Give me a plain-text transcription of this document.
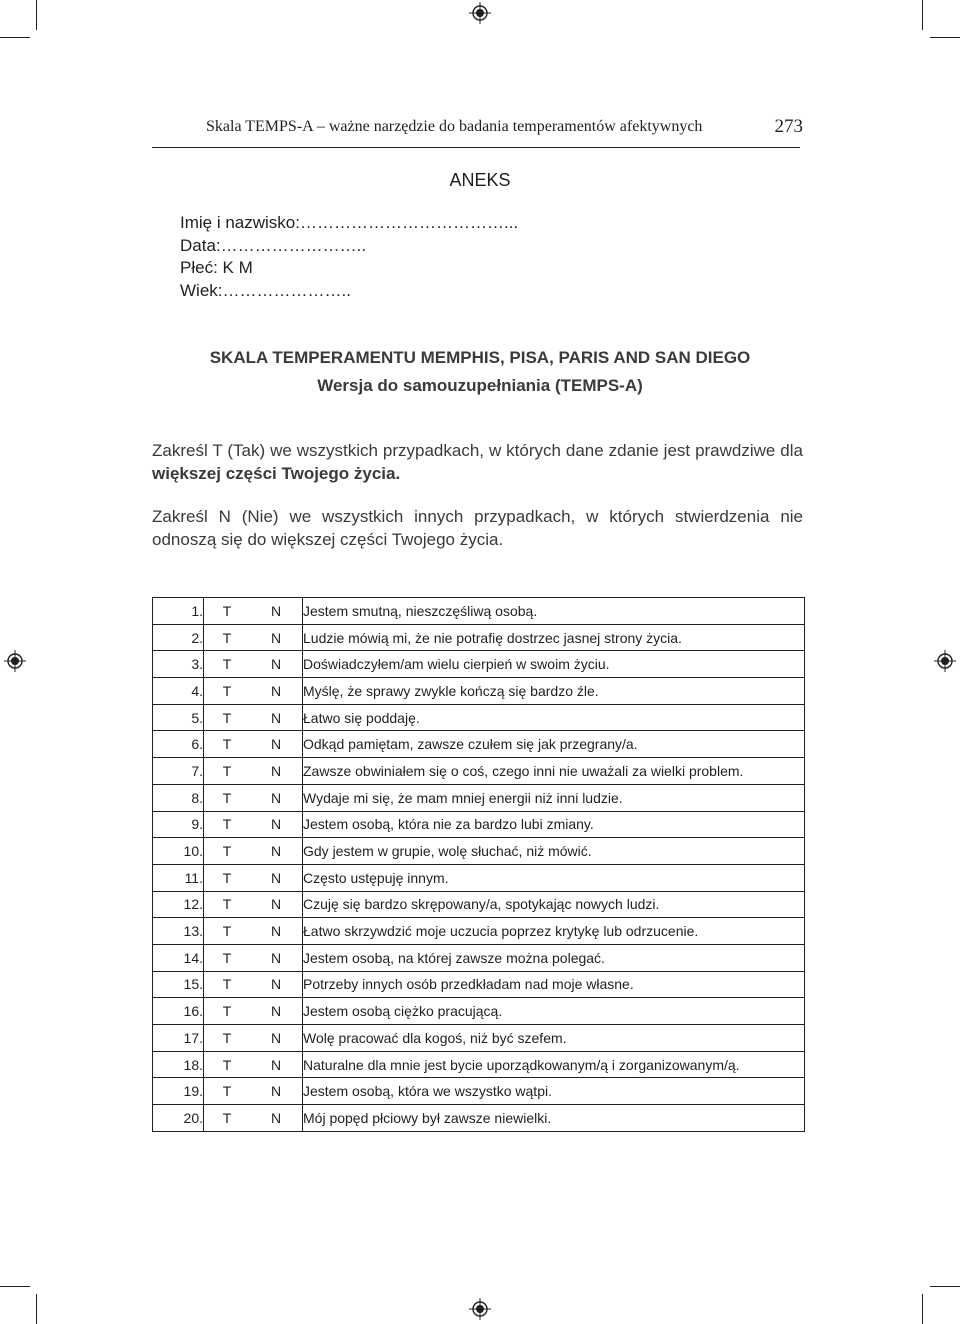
Skala TEMPS-A – ważne narzędzie do badania temperamentów afektywnych	273
ANEKS
Imię i nazwisko:………………………………...
Data:……………………..
Płeć: K M
Wiek:…………………..
SKALA TEMPERAMENTU MEMPHIS, PISA, PARIS AND SAN DIEGO
Wersja do samouzupełniania (TEMPS-A)
Zakreśl T (Tak) we wszystkich przypadkach, w których dane zdanie jest prawdziwe dla większej części Twojego życia.
Zakreśl N (Nie) we wszystkich innych przypadkach, w których stwierdzenia nie odnoszą się do większej części Twojego życia.
1.	T	N	Jestem smutną, nieszczęśliwą osobą.
2.	T	N	Ludzie mówią mi, że nie potrafię dostrzec jasnej strony życia.
3.	T	N	Doświadczyłem/am wielu cierpień w swoim życiu.
4.	T	N	Myślę, że sprawy zwykle kończą się bardzo źle.
5.	T	N	Łatwo się poddaję.
6.	T	N	Odkąd pamiętam, zawsze czułem się jak przegrany/a.
7.	T	N	Zawsze obwiniałem się o coś, czego inni nie uważali za wielki problem.
8.	T	N	Wydaje mi się, że mam mniej energii niż inni ludzie.
9.	T	N	Jestem osobą, która nie za bardzo lubi zmiany.
10.	T	N	Gdy jestem w grupie, wolę słuchać, niż mówić.
11.	T	N	Często ustępuję innym.
12.	T	N	Czuję się bardzo skrępowany/a, spotykając nowych ludzi.
13.	T	N	Łatwo skrzywdzić moje uczucia poprzez krytykę lub odrzucenie.
14.	T	N	Jestem osobą, na której zawsze można polegać.
15.	T	N	Potrzeby innych osób przedkładam nad moje własne.
16.	T	N	Jestem osobą ciężko pracującą.
17.	T	N	Wolę pracować dla kogoś, niż być szefem.
18.	T	N	Naturalne dla mnie jest bycie uporządkowanym/ą i zorganizowanym/ą.
19.	T	N	Jestem osobą, która we wszystko wątpi.
20.	T	N	Mój popęd płciowy był zawsze niewielki.
